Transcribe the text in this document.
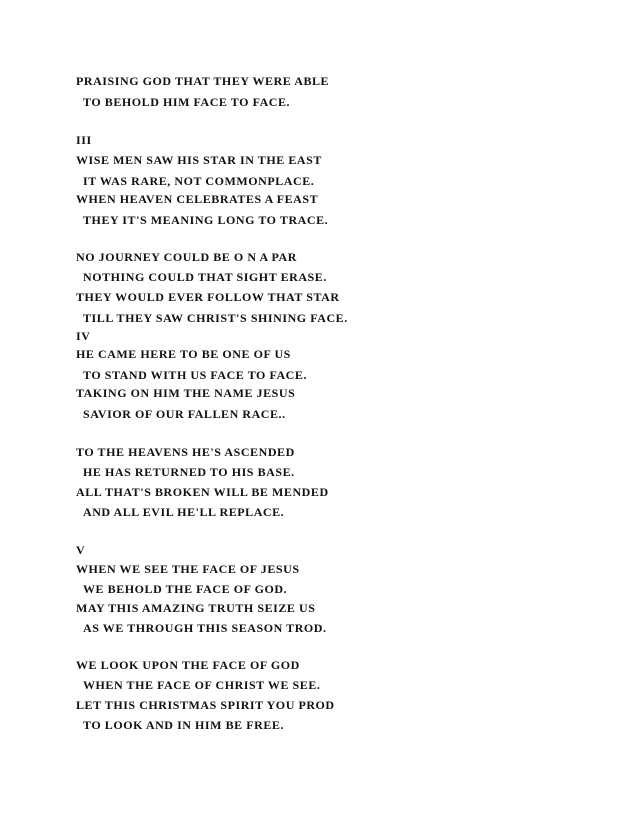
PRAISING GOD THAT THEY WERE ABLE
TO BEHOLD HIM FACE TO FACE.
III
WISE MEN SAW HIS STAR IN THE EAST
IT WAS RARE, NOT COMMONPLACE.
WHEN HEAVEN CELEBRATES A FEAST
THEY IT'S MEANING LONG TO TRACE.
NO JOURNEY COULD BE O N A PAR
NOTHING COULD THAT SIGHT ERASE.
THEY WOULD EVER FOLLOW THAT STAR
TILL THEY SAW CHRIST'S SHINING FACE.
IV
HE CAME HERE TO BE ONE OF US
TO STAND WITH US FACE TO FACE.
TAKING ON HIM THE NAME JESUS
SAVIOR OF OUR FALLEN RACE..
TO THE HEAVENS HE'S ASCENDED
HE HAS RETURNED TO HIS BASE.
ALL THAT'S BROKEN WILL BE MENDED
AND ALL EVIL HE'LL REPLACE.
V
WHEN WE SEE THE FACE OF JESUS
WE BEHOLD THE FACE OF GOD.
MAY THIS AMAZING TRUTH SEIZE US
AS WE THROUGH THIS SEASON TROD.
WE LOOK UPON THE FACE OF GOD
WHEN THE FACE OF CHRIST WE SEE.
LET THIS CHRISTMAS SPIRIT YOU PROD
TO LOOK AND IN HIM BE FREE.
